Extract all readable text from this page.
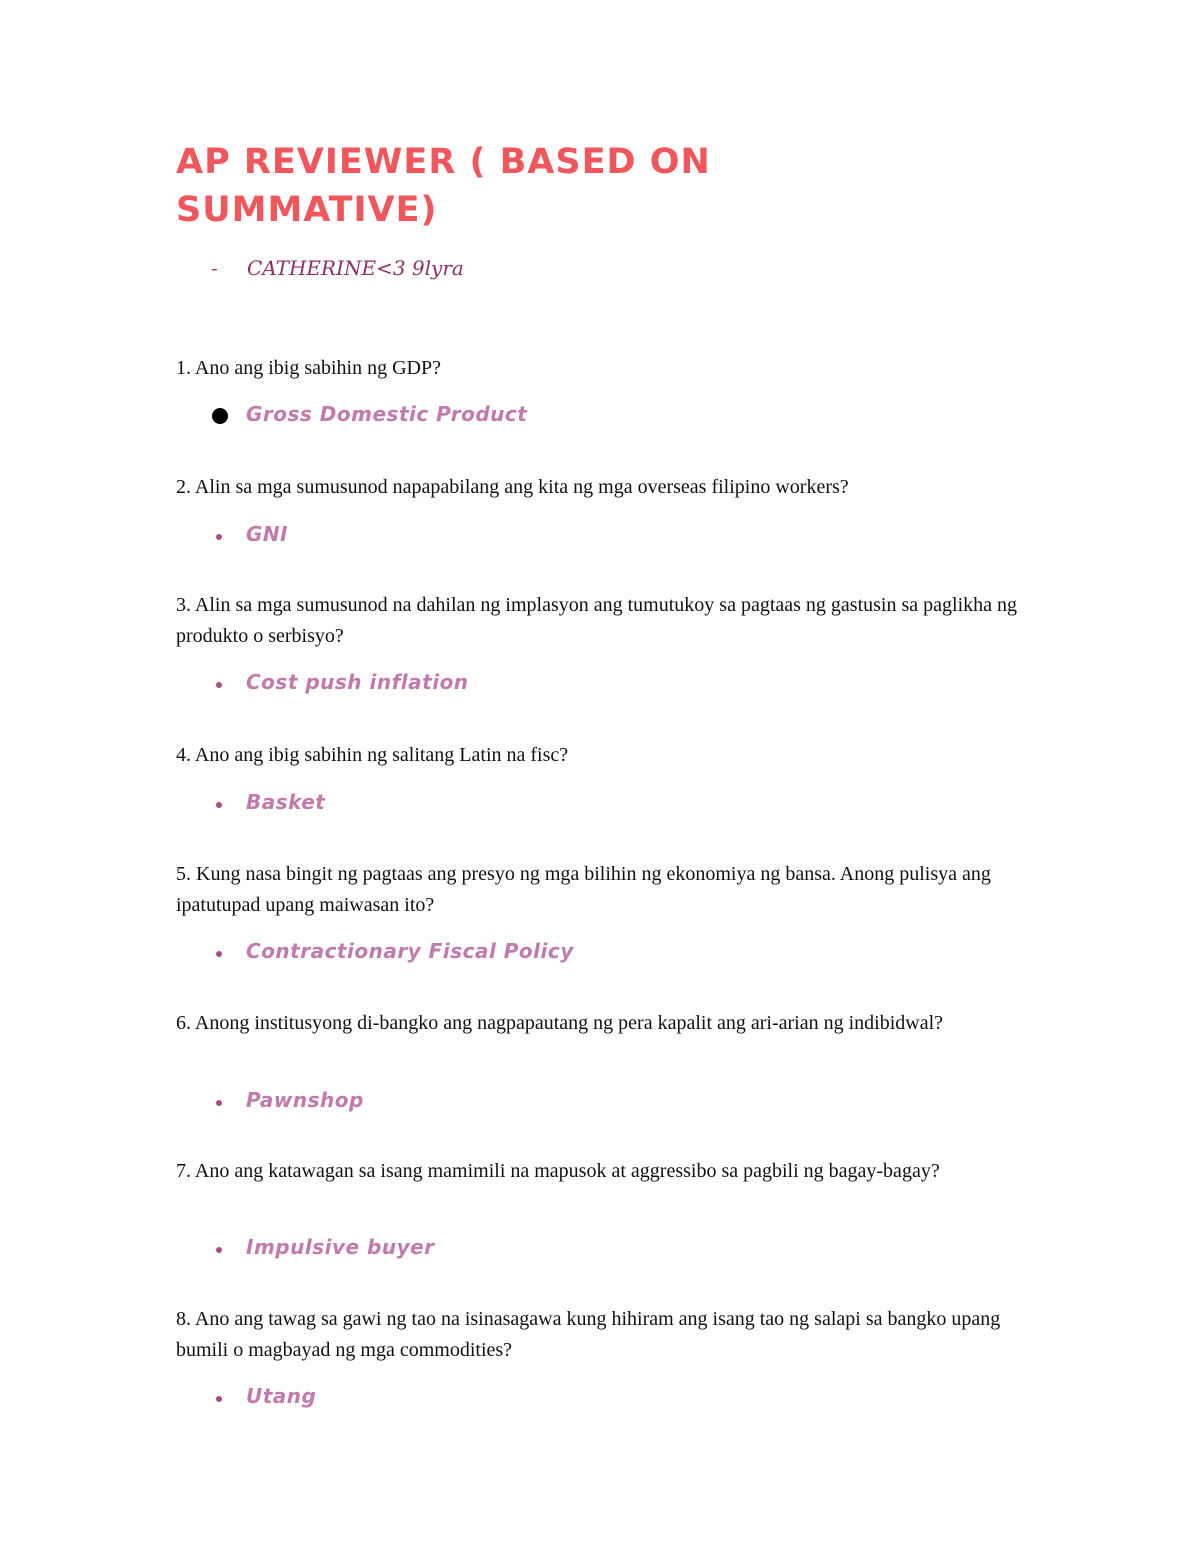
AP REVIEWER ( BASED ON SUMMATIVE)
- CATHERINE<3 9lyra

1. Ano ang ibig sabihin ng GDP?

Gross Domestic Product

2. Alin sa mga sumusunod napapabilang ang kita ng mga overseas filipino workers?

GNI

3. Alin sa mga sumusunod na dahilan ng implasyon ang tumutukoy sa pagtaas ng gastusin sa paglikha ng produkto o serbisyo?

Cost push inflation

4. Ano ang ibig sabihin ng salitang Latin na fisc?

Basket

5. Kung nasa bingit ng pagtaas ang presyo ng mga bilihin ng ekonomiya ng bansa. Anong pulisya ang ipatutupad upang maiwasan ito?

Contractionary Fiscal Policy

6. Anong institusyong di-bangko ang nagpapautang ng pera kapalit ang ari-arian ng indibidwal?

Pawnshop

7. Ano ang katawagan sa isang mamimili na mapusok at aggressibo sa pagbili ng bagay-bagay?

Impulsive buyer

8. Ano ang tawag sa gawi ng tao na isinasagawa kung hihiram ang isang tao ng salapi sa bangko upang bumili o magbayad ng mga commodities?

Utang
